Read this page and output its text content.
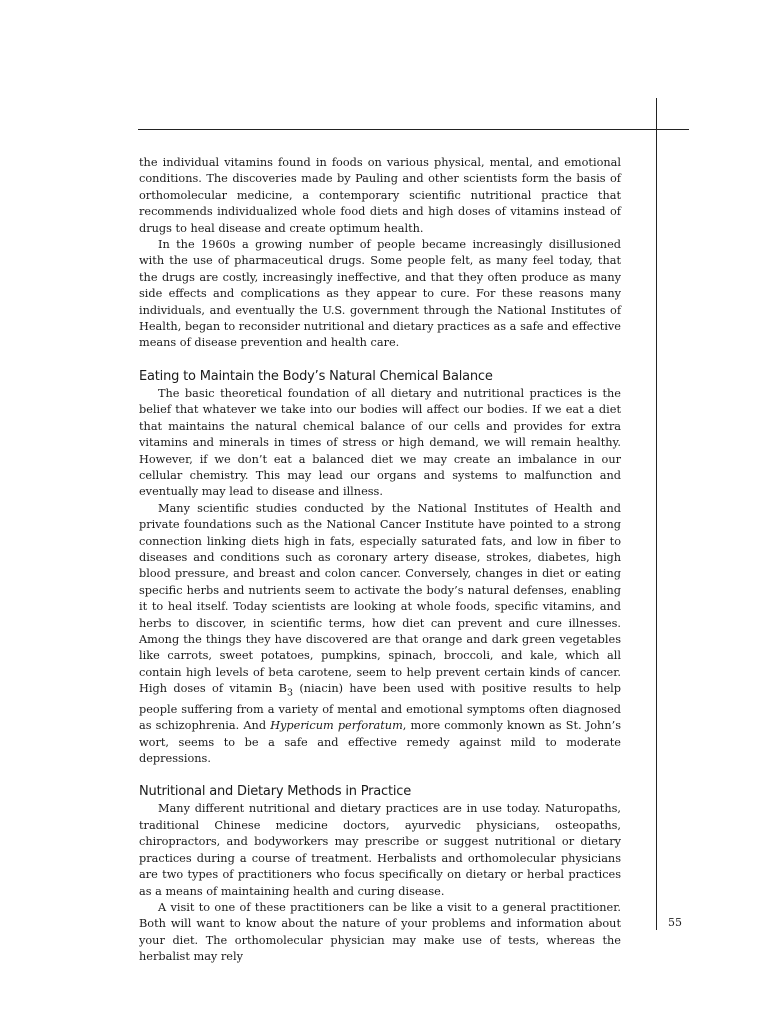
the individual vitamins found in foods on various physical, mental, and emotional conditions. The discoveries made by Pauling and other scientists form the basis of orthomolecular medicine, a contemporary scientific nutritional practice that recommends individualized whole food diets and high doses of vitamins instead of drugs to heal disease and create optimum health.

In the 1960s a growing number of people became increasingly disillusioned with the use of pharmaceutical drugs. Some people felt, as many feel today, that the drugs are costly, increasingly ineffective, and that they often produce as many side effects and complications as they appear to cure. For these reasons many individuals, and eventually the U.S. government through the National Institutes of Health, began to reconsider nutritional and dietary practices as a safe and effective means of disease prevention and health care.

Eating to Maintain the Body’s Natural Chemical Balance

The basic theoretical foundation of all dietary and nutritional practices is the belief that whatever we take into our bodies will affect our bodies. If we eat a diet that maintains the natural chemical balance of our cells and provides for extra vitamins and minerals in times of stress or high demand, we will remain healthy. However, if we don’t eat a balanced diet we may create an imbalance in our cellular chemistry. This may lead our organs and systems to malfunction and eventually may lead to disease and illness.

Many scientific studies conducted by the National Institutes of Health and private foundations such as the National Cancer Institute have pointed to a strong connection linking diets high in fats, especially saturated fats, and low in fiber to diseases and conditions such as coronary artery disease, strokes, diabetes, high blood pressure, and breast and colon cancer. Conversely, changes in diet or eating specific herbs and nutrients seem to activate the body’s natural defenses, enabling it to heal itself. Today scientists are looking at whole foods, specific vitamins, and herbs to discover, in scientific terms, how diet can prevent and cure illnesses. Among the things they have discovered are that orange and dark green vegetables like carrots, sweet potatoes, pumpkins, spinach, broccoli, and kale, which all contain high levels of beta carotene, seem to help prevent certain kinds of cancer. High doses of vitamin $B_3$ (niacin) have been used with positive results to help people suffering from a variety of mental and emotional symptoms often diagnosed as schizophrenia. And Hypericum perforatum, more commonly known as St. John’s wort, seems to be a safe and effective remedy against mild to moderate depressions.

Nutritional and Dietary Methods in Practice

Many different nutritional and dietary practices are in use today. Naturopaths, traditional Chinese medicine doctors, ayurvedic physicians, osteopaths, chiropractors, and bodyworkers may prescribe or suggest nutritional or dietary practices during a course of treatment. Herbalists and orthomolecular physicians are two types of practitioners who focus specifically on dietary or herbal practices as a means of maintaining health and curing disease.

A visit to one of these practitioners can be like a visit to a general practitioner. Both will want to know about the nature of your problems and information about your diet. The orthomolecular physician may make use of tests, whereas the herbalist may rely

55
